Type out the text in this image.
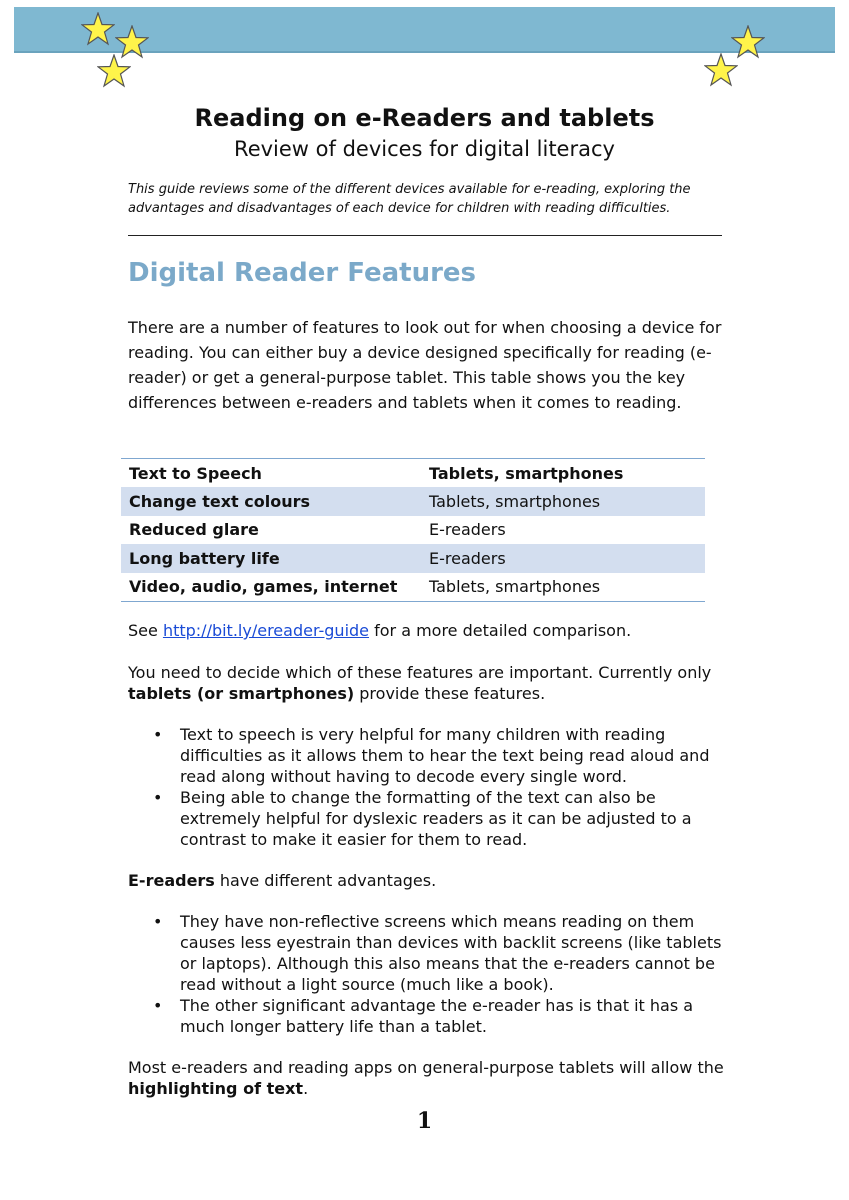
Reading on e-Readers and tablets

Review of devices for digital literacy

This guide reviews some of the different devices available for e-reading, exploring the advantages and disadvantages of each device for children with reading difficulties.

Digital Reader Features

There are a number of features to look out for when choosing a device for reading. You can either buy a device designed specifically for reading (e-reader) or get a general-purpose tablet. This table shows you the key differences between e-readers and tablets when it comes to reading.

Text to Speech	Tablets, smartphones
Change text colours	Tablets, smartphones
Reduced glare	E-readers
Long battery life	E-readers
Video, audio, games, internet	Tablets, smartphones

See http://bit.ly/ereader-guide for a more detailed comparison.

You need to decide which of these features are important. Currently only tablets (or smartphones) provide these features.

• Text to speech is very helpful for many children with reading difficulties as it allows them to hear the text being read aloud and read along without having to decode every single word.
• Being able to change the formatting of the text can also be extremely helpful for dyslexic readers as it can be adjusted to a contrast to make it easier for them to read.

E-readers have different advantages.

• They have non-reflective screens which means reading on them causes less eyestrain than devices with backlit screens (like tablets or laptops). Although this also means that the e-readers cannot be read without a light source (much like a book).
• The other significant advantage the e-reader has is that it has a much longer battery life than a tablet.

Most e-readers and reading apps on general-purpose tablets will allow the highlighting of text.

1
